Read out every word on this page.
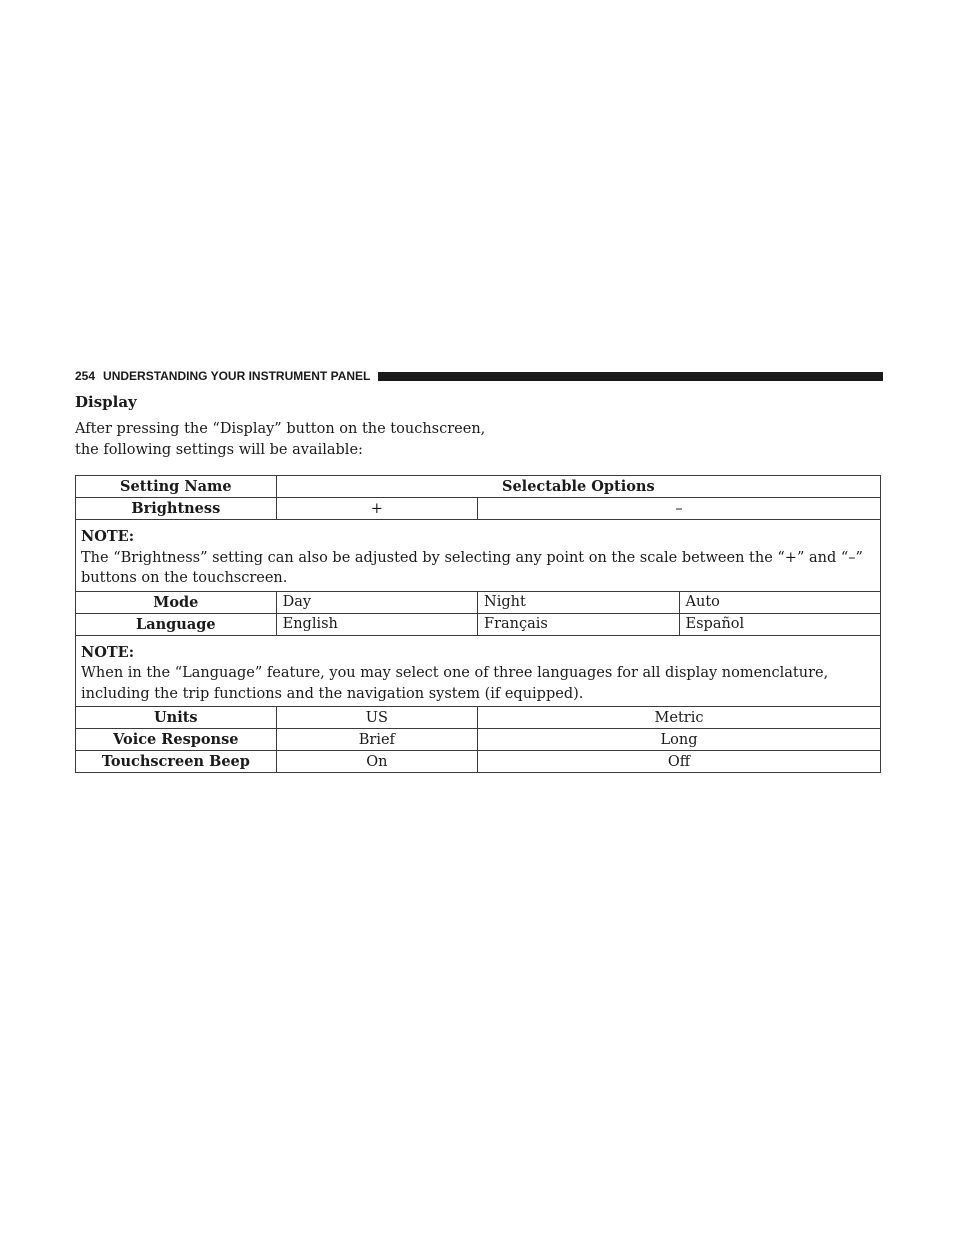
254 UNDERSTANDING YOUR INSTRUMENT PANEL
Display
After pressing the “Display” button on the touchscreen, the following settings will be available:
Setting Name	Selectable Options		
Brightness	+	–	

NOTE:
The “Brightness” setting can also be adjusted by selecting any point on the scale between the “+” and “–” buttons on the touchscreen.			
Mode	Day	Night	Auto
Language	English	Français	Español

NOTE:
When in the “Language” feature, you may select one of three languages for all display nomenclature, including the trip functions and the navigation system (if equipped).			
Units	US	Metric	
Voice Response	Brief	Long	
Touchscreen Beep	On	Off	
